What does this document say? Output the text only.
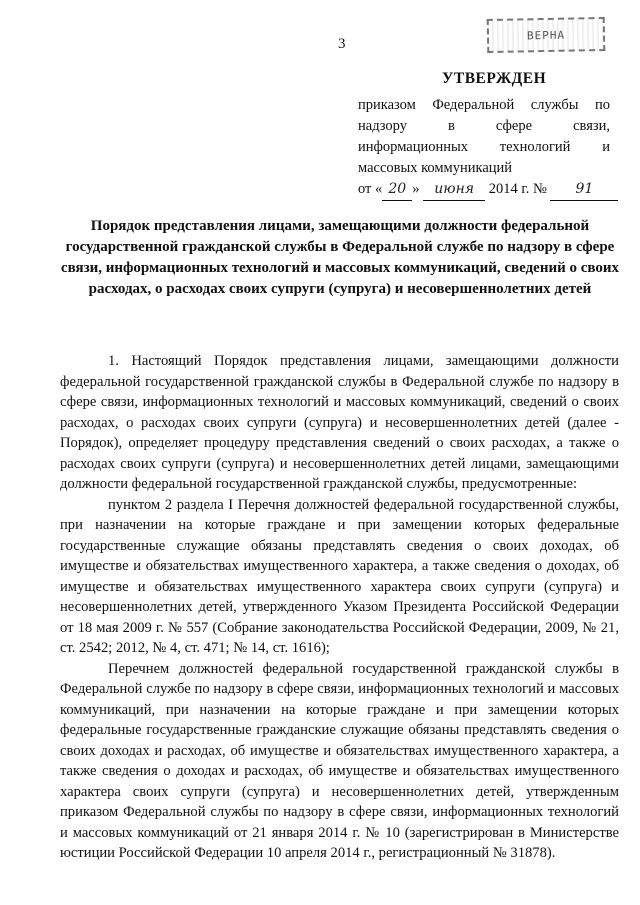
3
ВЕРНА
УТВЕРЖДЕН
приказом Федеральной службы по
надзору в сфере связи,
информационных технологий и
массовых коммуникаций
от « 20 » июня 2014 г. № 91
Порядок представления лицами, замещающими должности федеральной государственной гражданской службы в Федеральной службе по надзору в сфере связи, информационных технологий и массовых коммуникаций, сведений о своих расходах, о расходах своих супруги (супруга) и несовершеннолетних детей

1. Настоящий Порядок представления лицами, замещающими должности федеральной государственной гражданской службы в Федеральной службе по надзору в сфере связи, информационных технологий и массовых коммуникаций, сведений о своих расходах, о расходах своих супруги (супруга) и несовершеннолетних детей (далее - Порядок), определяет процедуру представления сведений о своих расходах, а также о расходах своих супруги (супруга) и несовершеннолетних детей лицами, замещающими должности федеральной государственной гражданской службы, предусмотренные:

пунктом 2 раздела I Перечня должностей федеральной государственной службы, при назначении на которые граждане и при замещении которых федеральные государственные служащие обязаны представлять сведения о своих доходах, об имуществе и обязательствах имущественного характера, а также сведения о доходах, об имуществе и обязательствах имущественного характера своих супруги (супруга) и несовершеннолетних детей, утвержденного Указом Президента Российской Федерации от 18 мая 2009 г. № 557 (Собрание законодательства Российской Федерации, 2009, № 21, ст. 2542; 2012, № 4, ст. 471; № 14, ст. 1616);

Перечнем должностей федеральной государственной гражданской службы в Федеральной службе по надзору в сфере связи, информационных технологий и массовых коммуникаций, при назначении на которые граждане и при замещении которых федеральные государственные гражданские служащие обязаны представлять сведения о своих доходах и расходах, об имуществе и обязательствах имущественного характера, а также сведения о доходах и расходах, об имуществе и обязательствах имущественного характера своих супруги (супруга) и несовершеннолетних детей, утвержденным приказом Федеральной службы по надзору в сфере связи, информационных технологий и массовых коммуникаций от 21 января 2014 г. № 10 (зарегистрирован в Министерстве юстиции Российской Федерации 10 апреля 2014 г., регистрационный № 31878).
